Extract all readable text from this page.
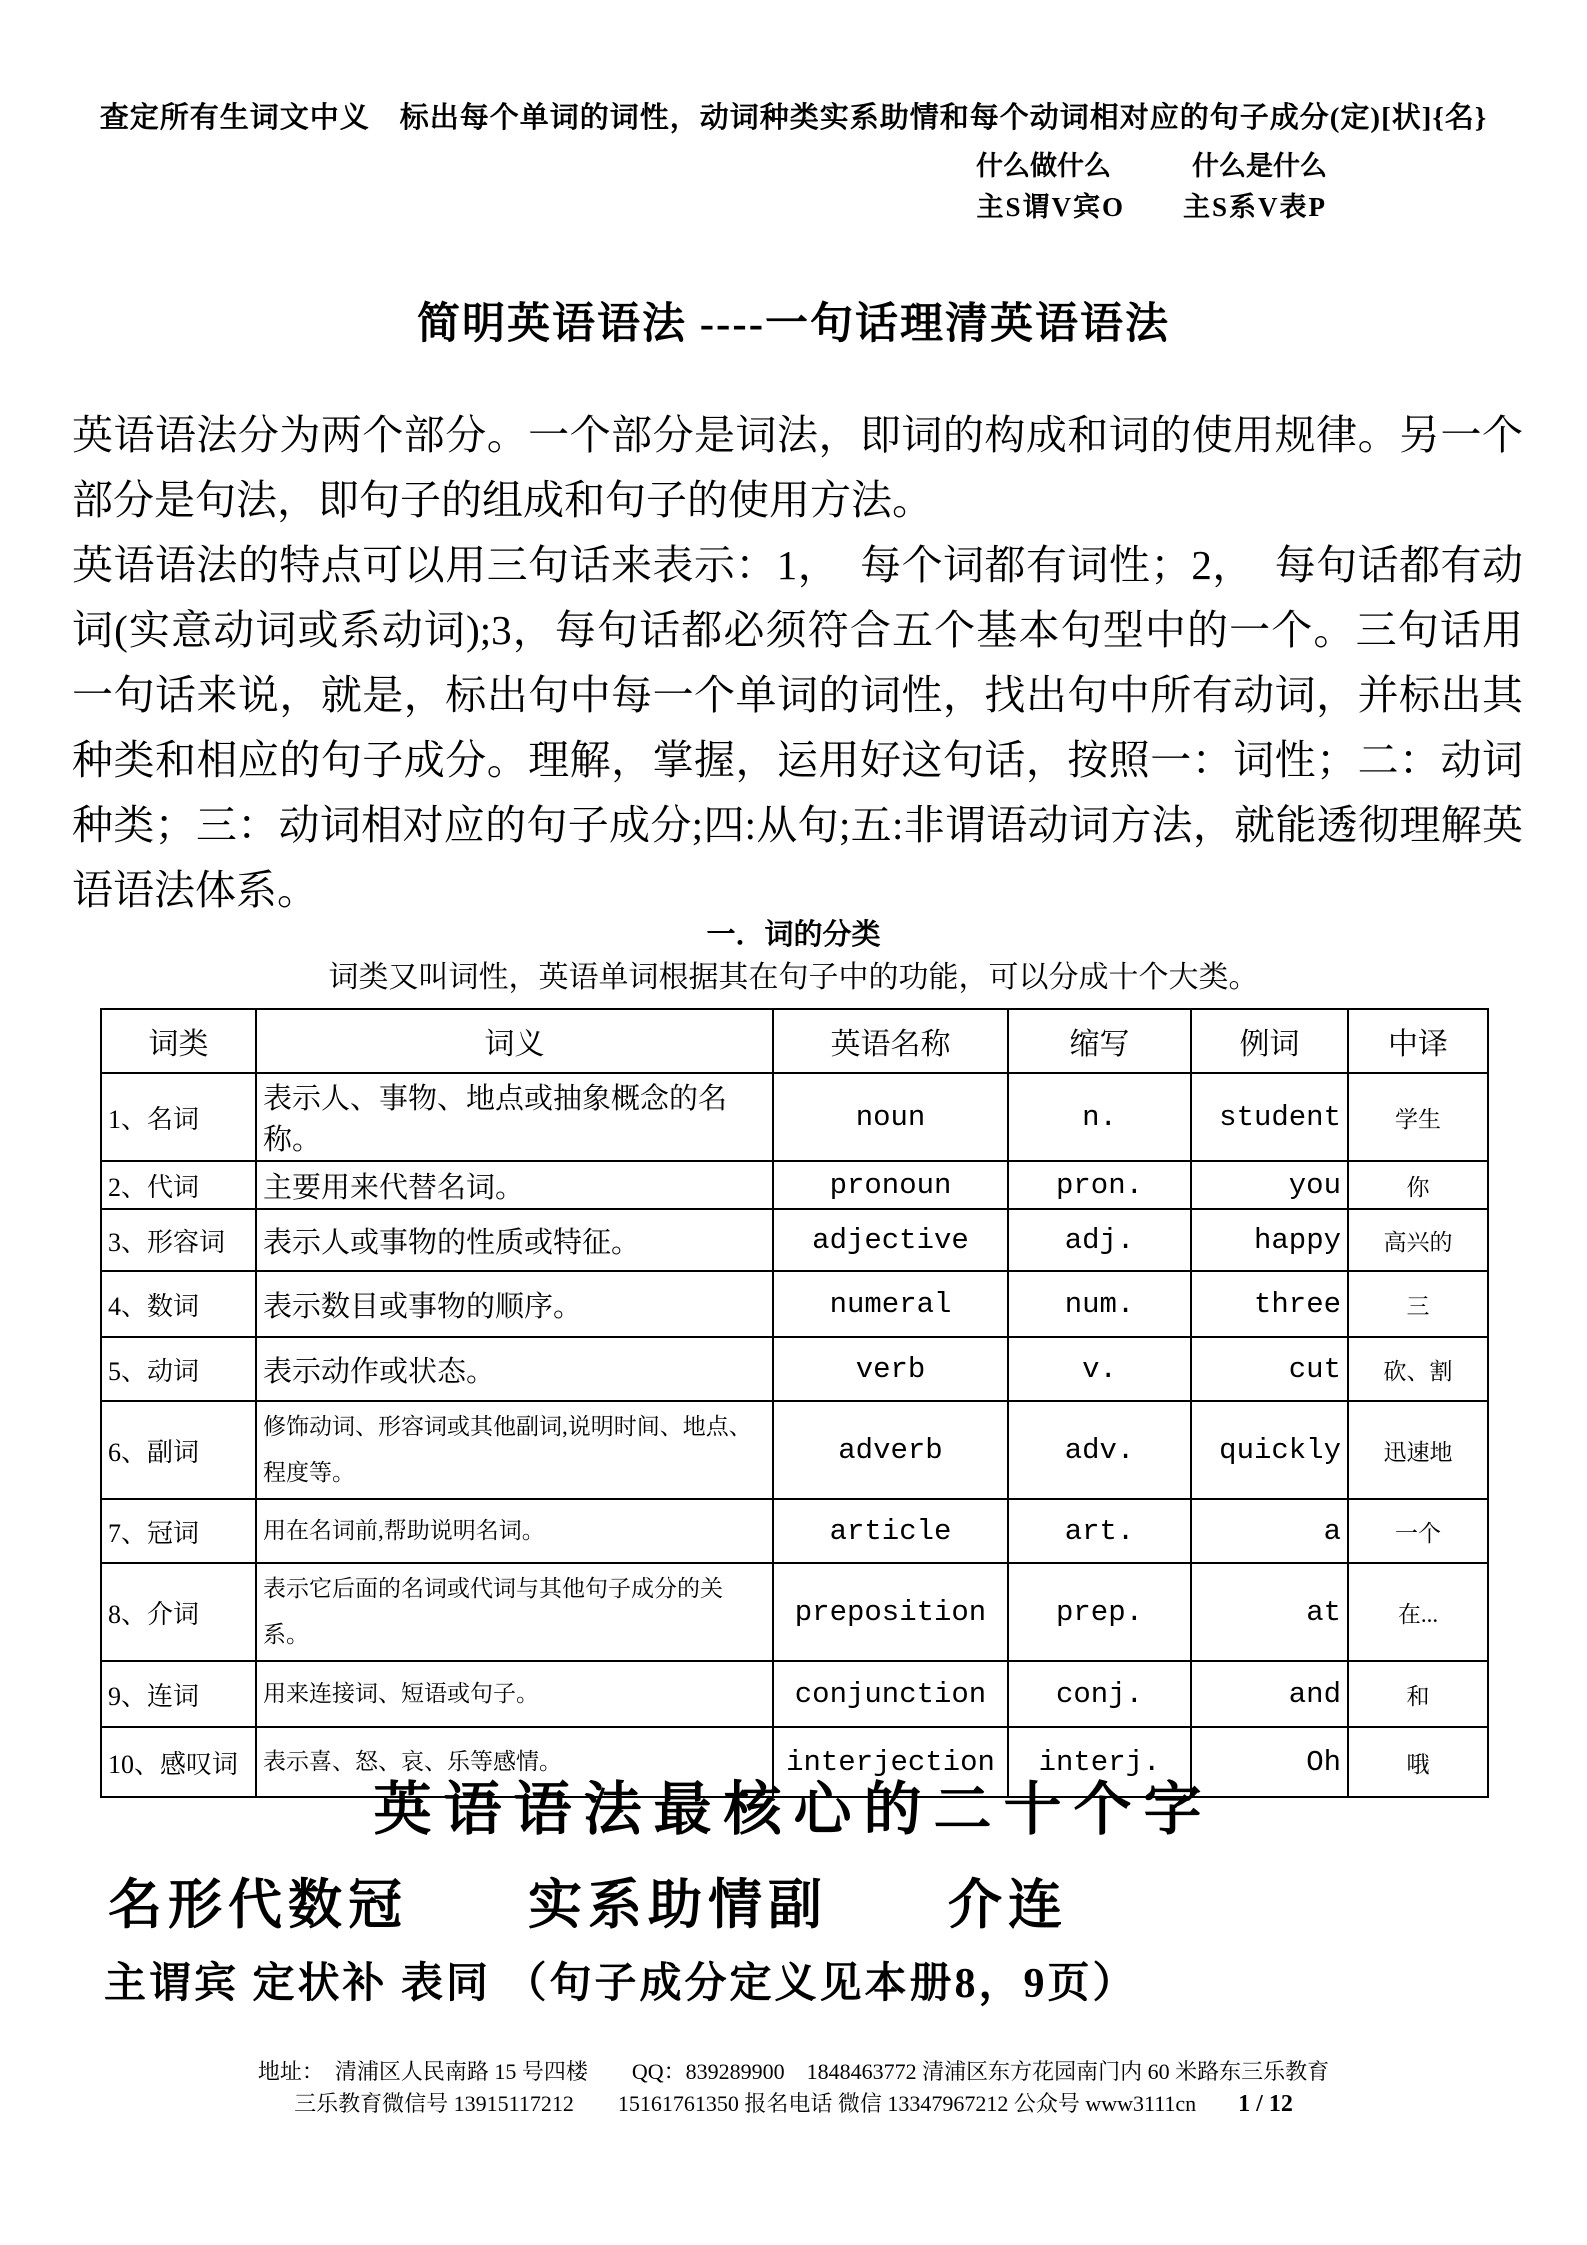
查定所有生词文中义　标出每个单词的词性，动词种类实系助情和每个动词相对应的句子成分(定)[状]{名}
什么做什么　　　什么是什么
主S谓V宾O　　主S系V表P
简明英语语法 ----一句话理清英语语法

英语语法分为两个部分。一个部分是词法，即词的构成和词的使用规律。另一个部分是句法，即句子的组成和句子的使用方法。

英语语法的特点可以用三句话来表示：1，　每个词都有词性；2，　每句话都有动词(实意动词或系动词);3，每句话都必须符合五个基本句型中的一个。三句话用一句话来说，就是，标出句中每一个单词的词性，找出句中所有动词，并标出其种类和相应的句子成分。理解，掌握，运用好这句话，按照一：词性；二：动词种类；三：动词相对应的句子成分;四:从句;五:非谓语动词方法，就能透彻理解英语语法体系。

一．词的分类
词类又叫词性，英语单词根据其在句子中的功能，可以分成十个大类。
词类	词义	英语名称	缩写	例词	中译
1、名词	表示人、事物、地点或抽象概念的名称。	noun	n.	student	学生
2、代词	主要用来代替名词。	pronoun	pron.	you	你
3、形容词	表示人或事物的性质或特征。	adjective	adj.	happy	高兴的
4、数词	表示数目或事物的顺序。	numeral	num.	three	三
5、动词	表示动作或状态。	verb	v.	cut	砍、割
6、副词	修饰动词、形容词或其他副词,说明时间、地点、程度等。	adverb	adv.	quickly	迅速地
7、冠词	用在名词前,帮助说明名词。	article	art.	a	一个
8、介词	表示它后面的名词或代词与其他句子成分的关系。	preposition	prep.	at	在...
9、连词	用来连接词、短语或句子。	conjunction	conj.	and	和
10、感叹词	表示喜、怒、哀、乐等感情。	interjection	interj.	Oh	哦
英语语法最核心的二十个字
名形代数冠　　实系助情副　　介连
主谓宾 定状补 表同 （句子成分定义见本册8，9页）
地址：　清浦区人民南路 15 号四楼　　QQ：839289900　1848463772 清浦区东方花园南门内 60 米路东三乐教育
三乐教育微信号 13915117212　　15161761350 报名电话 微信 13347967212 公众号 www3111cn 1 / 12
